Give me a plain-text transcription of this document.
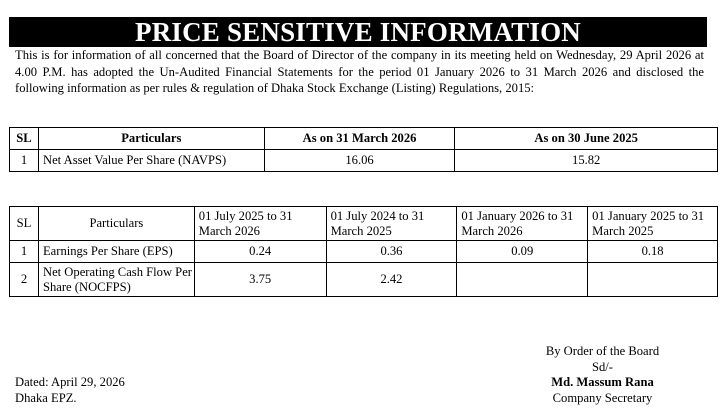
PRICE SENSITIVE INFORMATION
This is for information of all concerned that the Board of Director of the company in its meeting held on Wednesday, 29 April 2026 at 4.00 P.M. has adopted the Un-Audited Financial Statements for the period 01 January 2026 to 31 March 2026 and disclosed the following information as per rules & regulation of Dhaka Stock Exchange (Listing) Regulations, 2015:
SL	Particulars	As on 31 March 2026	As on 30 June 2025
1	Net Asset Value Per Share (NAVPS)	16.06	15.82
SL	Particulars	01 July 2025 to 31 March 2026	01 July 2024 to 31 March 2025	01 January 2026 to 31 March 2026	01 January 2025 to 31 March 2025
1	Earnings Per Share (EPS)	0.24	0.36	0.09	0.18
2	Net Operating Cash Flow Per Share (NOCFPS)	3.75	2.42		
By Order of the Board
Sd/-
Md. Massum Rana
Company Secretary
Dated: April 29, 2026
Dhaka EPZ.
